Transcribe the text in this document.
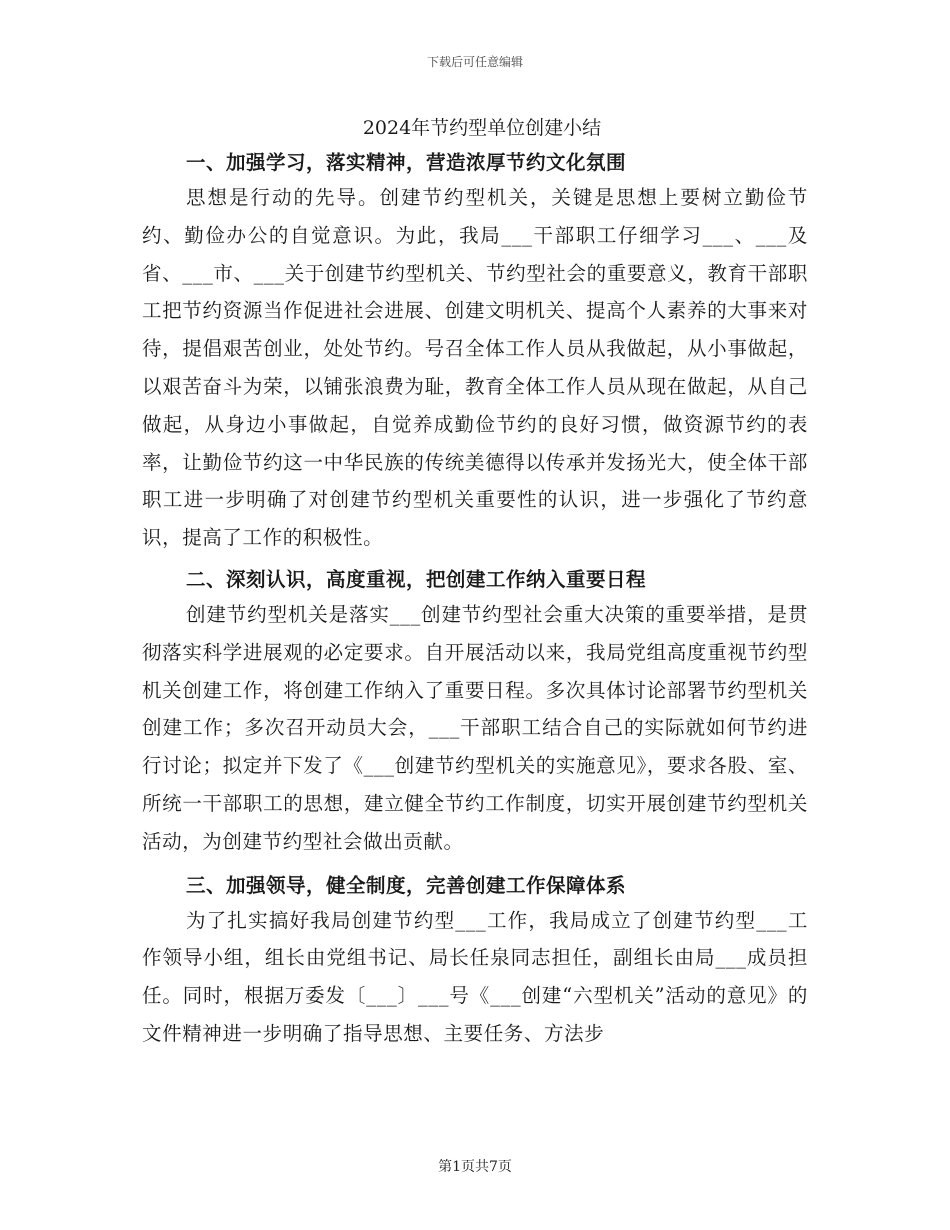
下载后可任意编辑
2024年节约型单位创建小结

一、加强学习，落实精神，营造浓厚节约文化氛围

思想是行动的先导。创建节约型机关，关键是思想上要树立勤俭节约、勤俭办公的自觉意识。为此，我局___干部职工仔细学习___、___及省、___市、___关于创建节约型机关、节约型社会的重要意义，教育干部职工把节约资源当作促进社会进展、创建文明机关、提高个人素养的大事来对待，提倡艰苦创业，处处节约。号召全体工作人员从我做起，从小事做起，以艰苦奋斗为荣，以铺张浪费为耻，教育全体工作人员从现在做起，从自己做起，从身边小事做起，自觉养成勤俭节约的良好习惯，做资源节约的表率，让勤俭节约这一中华民族的传统美德得以传承并发扬光大，使全体干部职工进一步明确了对创建节约型机关重要性的认识，进一步强化了节约意识，提高了工作的积极性。

二、深刻认识，高度重视，把创建工作纳入重要日程

创建节约型机关是落实___创建节约型社会重大决策的重要举措，是贯彻落实科学进展观的必定要求。自开展活动以来，我局党组高度重视节约型机关创建工作，将创建工作纳入了重要日程。多次具体讨论部署节约型机关创建工作；多次召开动员大会，___干部职工结合自己的实际就如何节约进行讨论；拟定并下发了《___创建节约型机关的实施意见》，要求各股、室、所统一干部职工的思想，建立健全节约工作制度，切实开展创建节约型机关活动，为创建节约型社会做出贡献。

三、加强领导，健全制度，完善创建工作保障体系

为了扎实搞好我局创建节约型___工作，我局成立了创建节约型___工作领导小组，组长由党组书记、局长任泉同志担任，副组长由局___成员担任。同时，根据万委发〔___〕___号《___创建“六型机关”活动的意见》的文件精神进一步明确了指导思想、主要任务、方法步

第1页共7页
